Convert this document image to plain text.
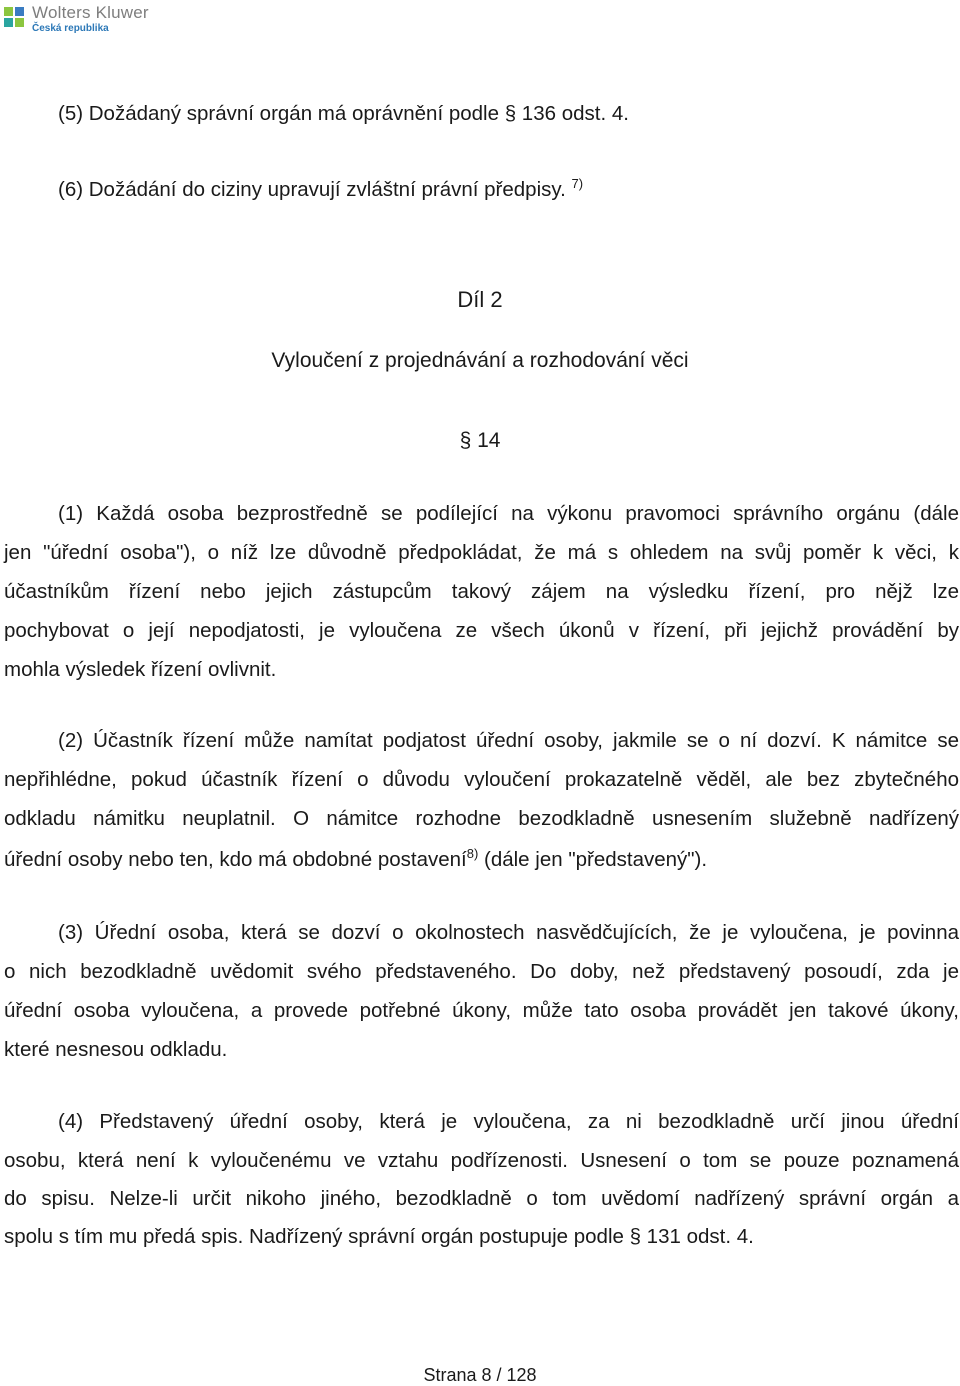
Wolters Kluwer
Česká republika
(5) Dožádaný správní orgán má oprávnění podle § 136 odst. 4.
(6) Dožádání do ciziny upravují zvláštní právní předpisy. $^{7)}$
Díl 2
Vyloučení z projednávání a rozhodování věci
§ 14
(1) Každá osoba bezprostředně se podílející na výkonu pravomoci správního orgánu (dále
jen "úřední osoba"), o níž lze důvodně předpokládat, že má s ohledem na svůj poměr k věci, k
účastníkům řízení nebo jejich zástupcům takový zájem na výsledku řízení, pro nějž lze
pochybovat o její nepodjatosti, je vyloučena ze všech úkonů v řízení, při jejichž provádění by
mohla výsledek řízení ovlivnit.
(2) Účastník řízení může namítat podjatost úřední osoby, jakmile se o ní dozví. K námitce se
nepřihlédne, pokud účastník řízení o důvodu vyloučení prokazatelně věděl, ale bez zbytečného
odkladu námitku neuplatnil. O námitce rozhodne bezodkladně usnesením služebně nadřízený
úřední osoby nebo ten, kdo má obdobné postavení$^{8)}$ (dále jen "představený").
(3) Úřední osoba, která se dozví o okolnostech nasvědčujících, že je vyloučena, je povinna
o nich bezodkladně uvědomit svého představeného. Do doby, než představený posoudí, zda je
úřední osoba vyloučena, a provede potřebné úkony, může tato osoba provádět jen takové úkony,
které nesnesou odkladu.
(4) Představený úřední osoby, která je vyloučena, za ni bezodkladně určí jinou úřední
osobu, která není k vyloučenému ve vztahu podřízenosti. Usnesení o tom se pouze poznamená
do spisu. Nelze-li určit nikoho jiného, bezodkladně o tom uvědomí nadřízený správní orgán a
spolu s tím mu předá spis. Nadřízený správní orgán postupuje podle § 131 odst. 4.
Strana 8 / 128
